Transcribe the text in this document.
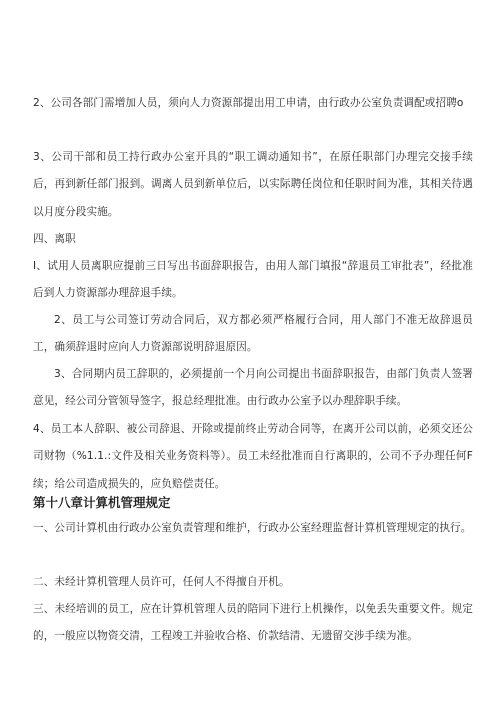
2、公司各部门需增加人员，须向人力资源部提出用工申请，由行政办公室负责调配或招聘o

3、公司干部和员工持行政办公室开具的“职工调动通知书”，在原任职部门办理完交接手续后，再到新任部门报到。调离人员到新单位后，以实际聘任岗位和任职时间为准，其相关待遇以月度分段实施。

四、离职

I、试用人员离职应提前三日写出书面辞职报告，由用人部门填报“辞退员工审批表”，经批准后到人力资源部办理辞退手续。

2、员工与公司签订劳动合同后，双方都必须严格履行合同，用人部门不准无故辞退员工，确须辞退时应向人力资源部说明辞退原因。

3、合同期内员工辞职的，必须提前一个月向公司提出书面辞职报告，由部门负责人签署意见，经公司分管领导签字，报总经理批准。由行政办公室予以办理辞职手续。

4、员工本人辞职、被公司辞退、开除或提前终止劳动合同等，在离开公司以前，必须交还公司财物（%1.1.:文件及相关业务资料等）。员工未经批准而自行离职的，公司不予办理任何F续；给公司造成损失的，应负赔偿责任。

第十八章计算机管理规定

一、公司计算机由行政办公室负责管理和维护，行政办公室经理监督计算机管理规定的执行。

二、未经计算机管理人员许可，任何人不得擅自开机。

三、未经培训的员工，应在计算机管理人员的陪同下进行上机操作，以免丢失重要文件。规定的，一般应以物资交清，工程竣工并验收合格、价款结清、无遗留交涉手续为准。
